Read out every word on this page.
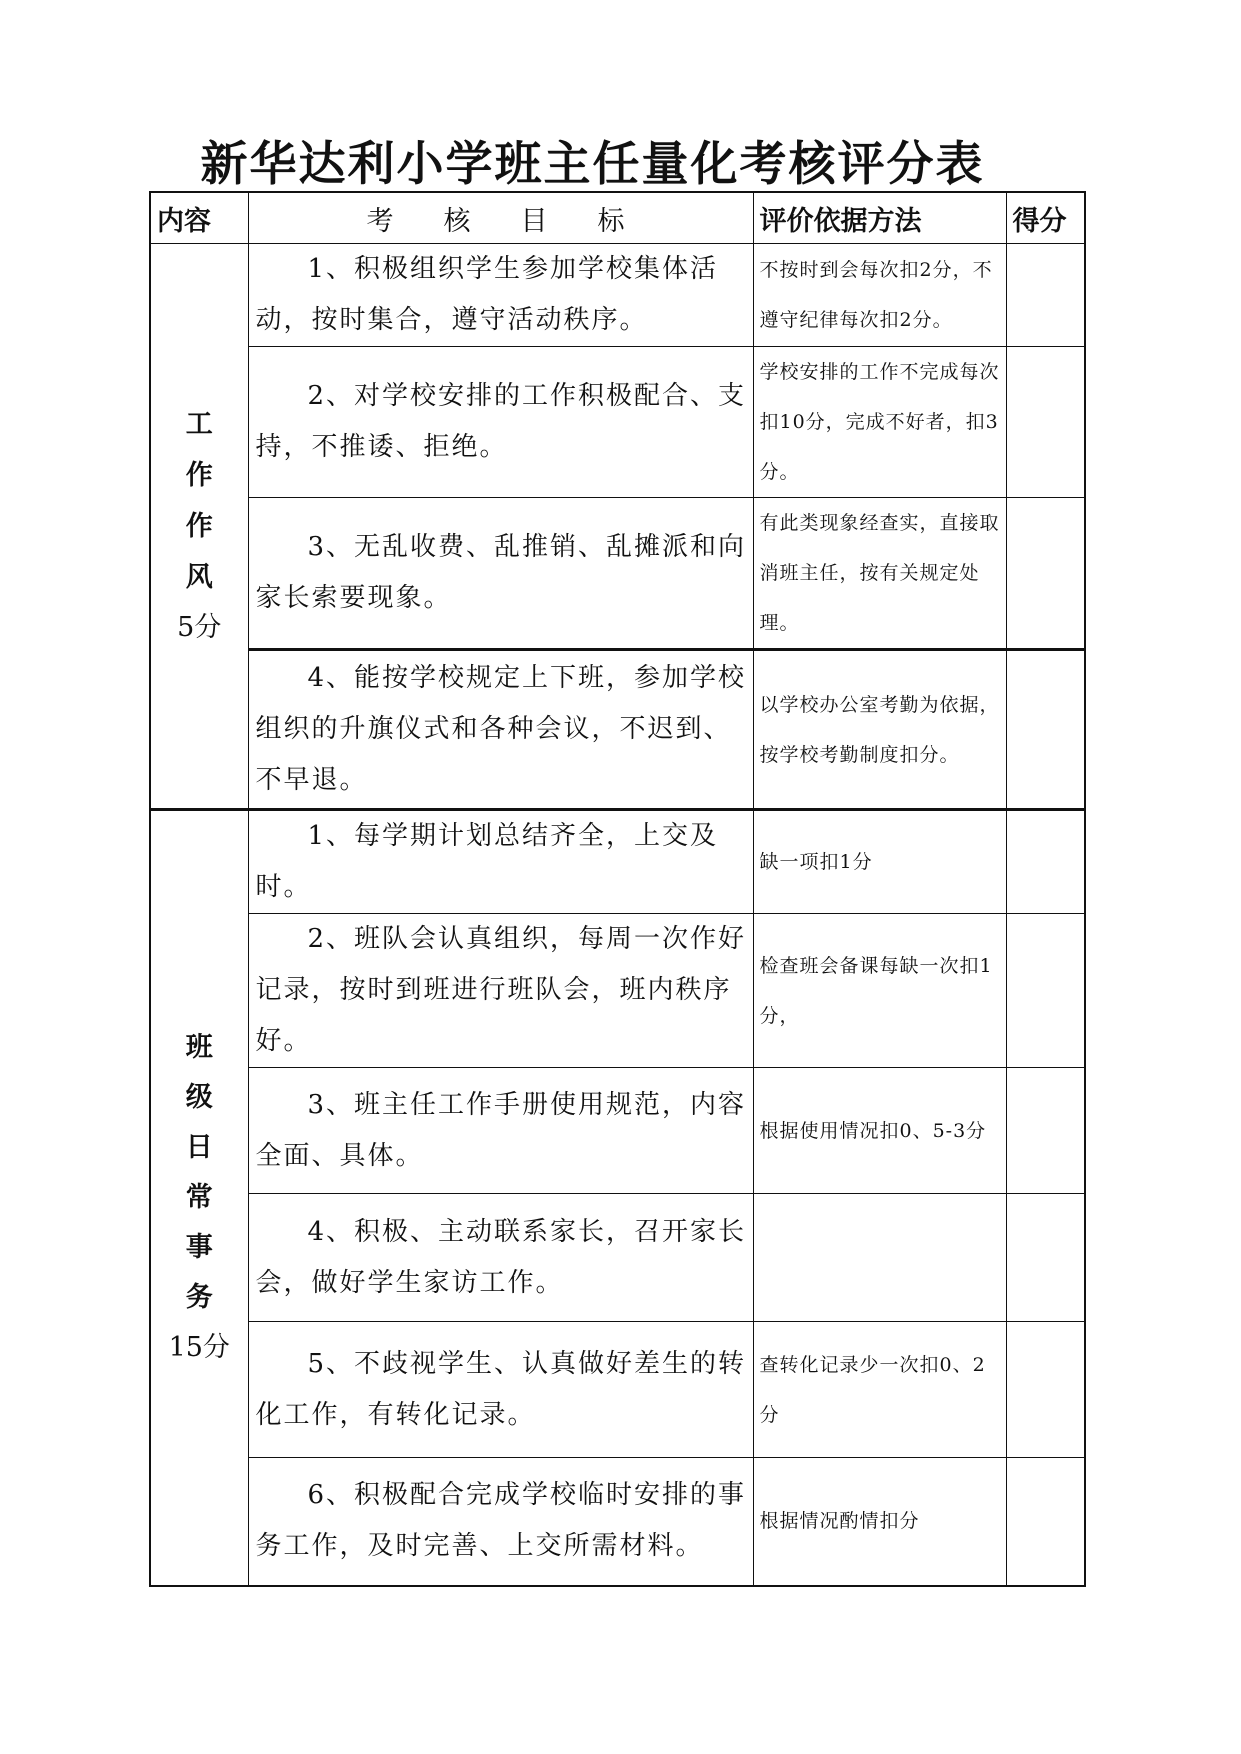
新华达利小学班主任量化考核评分表
内容	考核目标	评价依据方法	得分

工作作风
5分	1、积极组织学生参加学校集体活动，按时集合，遵守活动秩序。	不按时到会每次扣2分，不遵守纪律每次扣2分。	
	2、对学校安排的工作积极配合、支持，不推诿、拒绝。	学校安排的工作不完成每次扣10分，完成不好者，扣3分。	
	3、无乱收费、乱推销、乱摊派和向家长索要现象。	有此类现象经查实，直接取消班主任，按有关规定处理。	
	4、能按学校规定上下班，参加学校组织的升旗仪式和各种会议，不迟到、不早退。	以学校办公室考勤为依据，按学校考勤制度扣分。	

班级日常事务
15分	1、每学期计划总结齐全，上交及时。	缺一项扣1分	
	2、班队会认真组织，每周一次作好记录，按时到班进行班队会，班内秩序好。	检查班会备课每缺一次扣1分，	
	3、班主任工作手册使用规范，内容全面、具体。	根据使用情况扣0、5-3分	
	4、积极、主动联系家长，召开家长会，做好学生家访工作。		
	5、不歧视学生、认真做好差生的转化工作，有转化记录。	查转化记录少一次扣0、2分	
	6、积极配合完成学校临时安排的事务工作，及时完善、上交所需材料。	根据情况酌情扣分	
